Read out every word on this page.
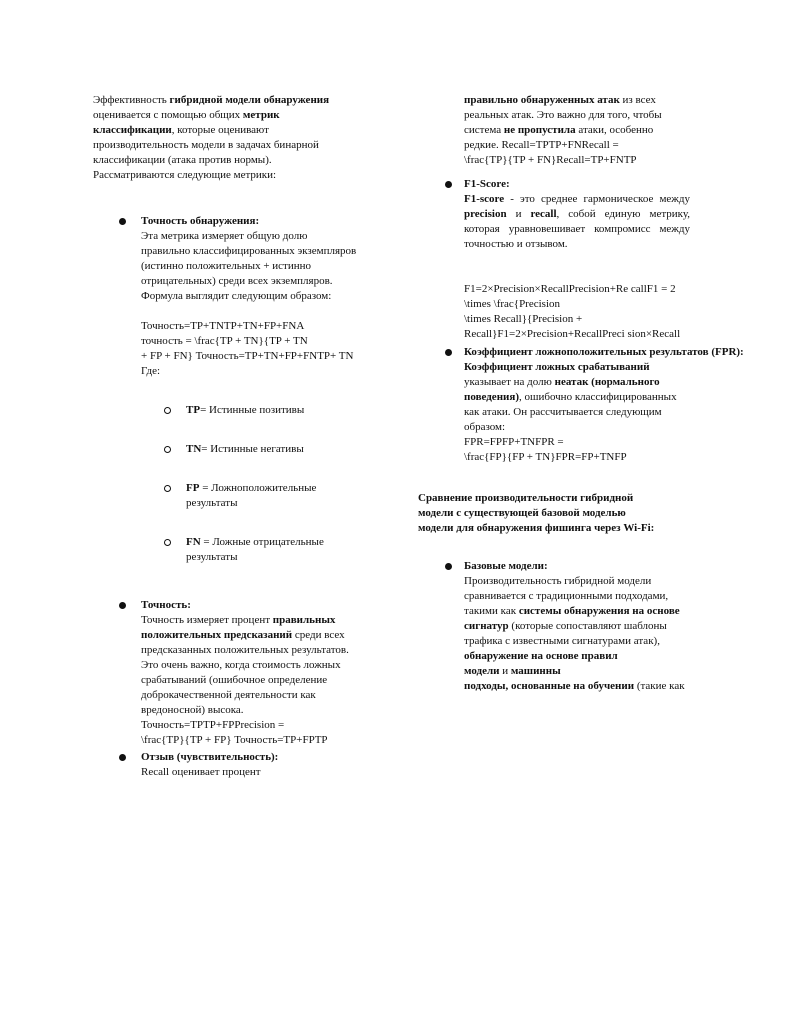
Эффективность гибридной модели обнаружения оценивается с помощью общих метрик классификации, которые оценивают производительность модели в задачах бинарной классификации (атака против нормы). Рассматриваются следующие метрики:

Точность обнаружения:

Эта метрика измеряет общую долю

правильно классифицированных экземпляров

(истинно положительных + истинно

отрицательных) среди всех экземпляров.

Формула выглядит следующим образом:

Точность=TP+TNTP+TN+FP+FNA

точность = \frac{TP + TN}{TP + TN

+ FP + FN} Точность=TP+TN+FP+FNTP+ TN

Где:

TP= Истинные позитивы

TN= Истинные негативы

FP = Ложноположительные результаты

FN = Ложные отрицательные результаты

Точность:

Точность измеряет процент правильных положительных предсказаний среди всех предсказанных положительных результатов. Это очень важно, когда стоимость ложных срабатываний (ошибочное определение доброкачественной деятельности как вредоносной) высока.

Точность=TPTP+FPPrecision =

\frac{TP}{TP + FP} Точность=TP+FPTP

Отзыв (чувствительность):

Recall оценивает процент

правильно обнаруженных атак из всех реальных атак. Это важно для того, чтобы система не пропустила атаки, особенно редкие. Recall=TPTP+FNRecall =

\frac{TP}{TP + FN}Recall=TP+FNTP

F1-Score:

F1-score - это среднее гармоническое между precision и recall, собой единую метрику, которая уравновешивает компромисс между точностью и отзывом.

F1=2×Precision×RecallPrecision+Re callF1 = 2

\times \frac{Precision

\times Recall}{Precision +

Recall}F1=2×Precision+RecallPreci sion×Recall

Коэффициент ложноположительных результатов (FPR):

Коэффициент ложных срабатываний указывает на долю неатак (нормального поведения), ошибочно классифицированных как атаки. Он рассчитывается следующим образом:

FPR=FPFP+TNFPR =

\frac{FP}{FP + TN}FPR=FP+TNFP

Сравнение производительности гибридной

модели с существующей базовой моделью

модели для обнаружения фишинга через Wi-Fi:

Базовые модели:

Производительность гибридной модели сравнивается с традиционными подходами, такими как системы обнаружения на основе сигнатур (которые сопоставляют шаблоны трафика с известными сигнатурами атак), обнаружение на основе правил

модели и машинны

подходы, основанные на обучении (такие как
